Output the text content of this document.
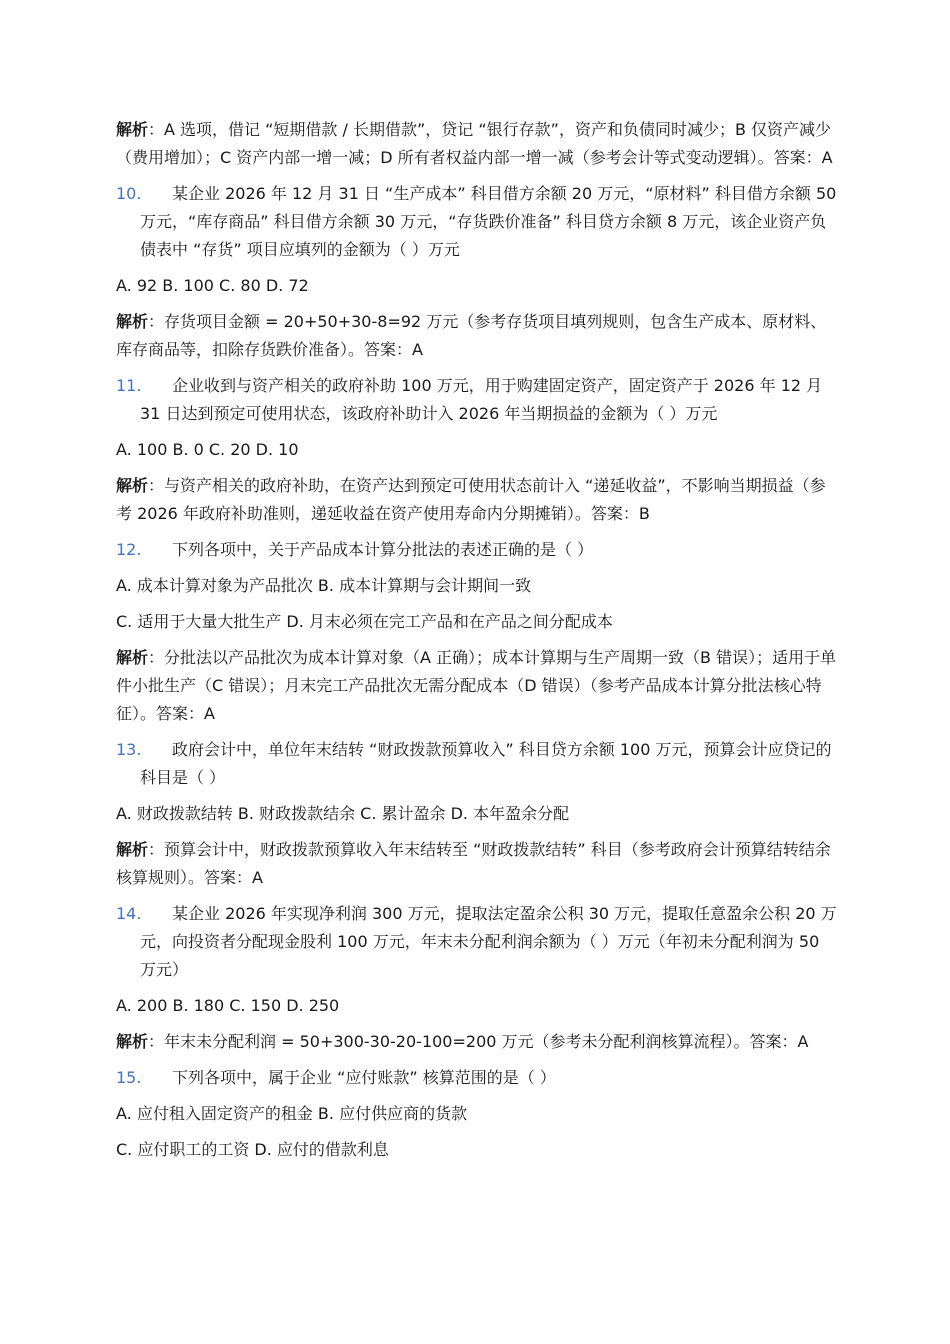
解析：A 选项，借记 “短期借款 / 长期借款”，贷记 “银行存款”，资产和负债同时减少；B 仅资产减少（费用增加）；C 资产内部一增一减；D 所有者权益内部一增一减（参考会计等式变动逻辑）。答案：A

10.	某企业 2026 年 12 月 31 日 “生产成本” 科目借方余额 20 万元，“原材料” 科目借方余额 50 万元，“库存商品” 科目借方余额 30 万元，“存货跌价准备” 科目贷方余额 8 万元，该企业资产负债表中 “存货” 项目应填列的金额为（ ）万元

A. 92 B. 100 C. 80 D. 72

解析：存货项目金额 = 20+50+30-8=92 万元（参考存货项目填列规则，包含生产成本、原材料、库存商品等，扣除存货跌价准备）。答案：A

11.	企业收到与资产相关的政府补助 100 万元，用于购建固定资产，固定资产于 2026 年 12 月 31 日达到预定可使用状态，该政府补助计入 2026 年当期损益的金额为（ ）万元

A. 100 B. 0 C. 20 D. 10

解析：与资产相关的政府补助，在资产达到预定可使用状态前计入 “递延收益”，不影响当期损益（参考 2026 年政府补助准则，递延收益在资产使用寿命内分期摊销）。答案：B

12.	下列各项中，关于产品成本计算分批法的表述正确的是（ ）

A. 成本计算对象为产品批次 B. 成本计算期与会计期间一致

C. 适用于大量大批生产 D. 月末必须在完工产品和在产品之间分配成本

解析：分批法以产品批次为成本计算对象（A 正确）；成本计算期与生产周期一致（B 错误）；适用于单件小批生产（C 错误）；月末完工产品批次无需分配成本（D 错误）（参考产品成本计算分批法核心特征）。答案：A

13.	政府会计中，单位年末结转 “财政拨款预算收入” 科目贷方余额 100 万元，预算会计应贷记的科目是（ ）

A. 财政拨款结转 B. 财政拨款结余 C. 累计盈余 D. 本年盈余分配

解析：预算会计中，财政拨款预算收入年末结转至 “财政拨款结转” 科目（参考政府会计预算结转结余核算规则）。答案：A

14.	某企业 2026 年实现净利润 300 万元，提取法定盈余公积 30 万元，提取任意盈余公积 20 万元，向投资者分配现金股利 100 万元，年末未分配利润余额为（ ）万元（年初未分配利润为 50 万元）

A. 200 B. 180 C. 150 D. 250

解析：年末未分配利润 = 50+300-30-20-100=200 万元（参考未分配利润核算流程）。答案：A

15.	下列各项中，属于企业 “应付账款” 核算范围的是（ ）

A. 应付租入固定资产的租金 B. 应付供应商的货款

C. 应付职工的工资 D. 应付的借款利息
